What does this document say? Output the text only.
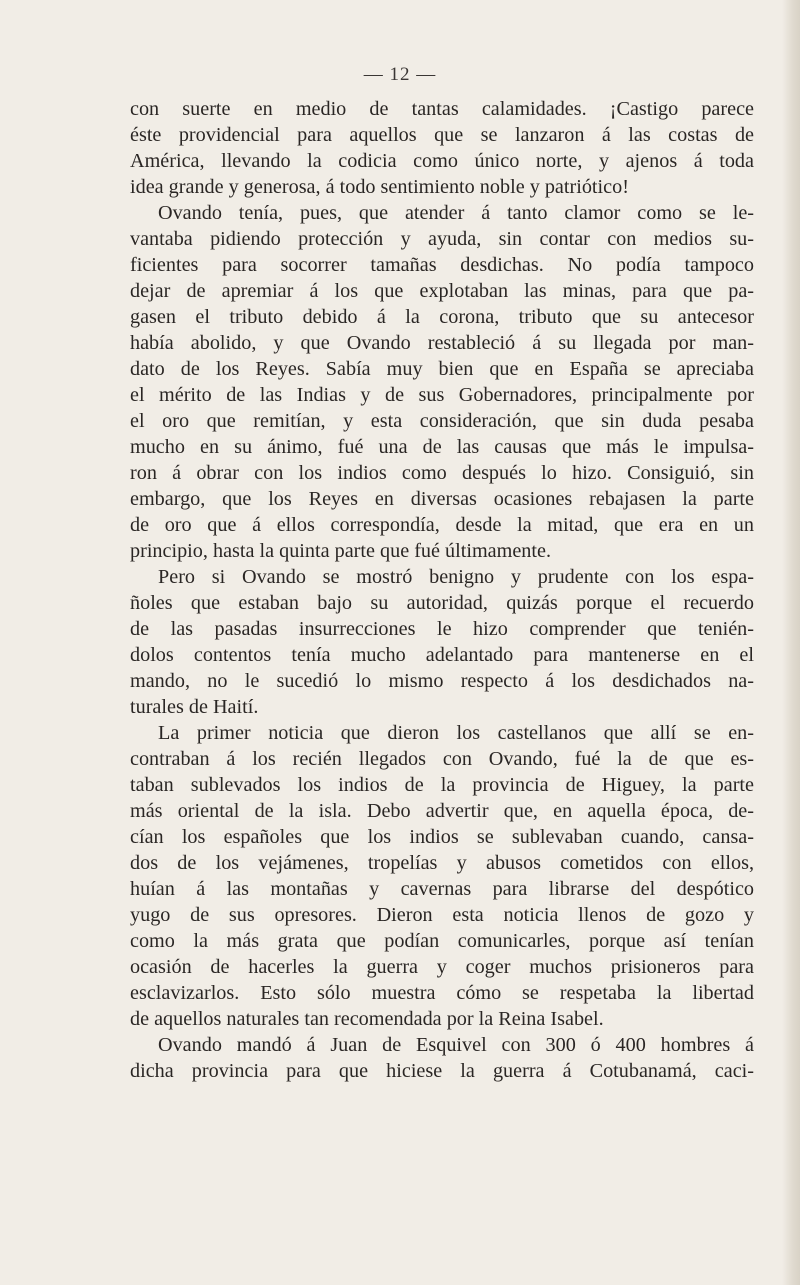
— 12 —
con suerte en medio de tantas calamidades. ¡Castigo parece
éste providencial para aquellos que se lanzaron á las costas de
América, llevando la codicia como único norte, y ajenos á toda
idea grande y generosa, á todo sentimiento noble y patriótico!
Ovando tenía, pues, que atender á tanto clamor como se le-
vantaba pidiendo protección y ayuda, sin contar con medios su-
ficientes para socorrer tamañas desdichas. No podía tampoco
dejar de apremiar á los que explotaban las minas, para que pa-
gasen el tributo debido á la corona, tributo que su antecesor
había abolido, y que Ovando restableció á su llegada por man-
dato de los Reyes. Sabía muy bien que en España se apreciaba
el mérito de las Indias y de sus Gobernadores, principalmente por
el oro que remitían, y esta consideración, que sin duda pesaba
mucho en su ánimo, fué una de las causas que más le impulsa-
ron á obrar con los indios como después lo hizo. Consiguió, sin
embargo, que los Reyes en diversas ocasiones rebajasen la parte
de oro que á ellos correspondía, desde la mitad, que era en un
principio, hasta la quinta parte que fué últimamente.
Pero si Ovando se mostró benigno y prudente con los espa-
ñoles que estaban bajo su autoridad, quizás porque el recuerdo
de las pasadas insurrecciones le hizo comprender que tenién-
dolos contentos tenía mucho adelantado para mantenerse en el
mando, no le sucedió lo mismo respecto á los desdichados na-
turales de Haití.
La primer noticia que dieron los castellanos que allí se en-
contraban á los recién llegados con Ovando, fué la de que es-
taban sublevados los indios de la provincia de Higuey, la parte
más oriental de la isla. Debo advertir que, en aquella época, de-
cían los españoles que los indios se sublevaban cuando, cansa-
dos de los vejámenes, tropelías y abusos cometidos con ellos,
huían á las montañas y cavernas para librarse del despótico
yugo de sus opresores. Dieron esta noticia llenos de gozo y
como la más grata que podían comunicarles, porque así tenían
ocasión de hacerles la guerra y coger muchos prisioneros para
esclavizarlos. Esto sólo muestra cómo se respetaba la libertad
de aquellos naturales tan recomendada por la Reina Isabel.
Ovando mandó á Juan de Esquivel con 300 ó 400 hombres á
dicha provincia para que hiciese la guerra á Cotubanamá, caci-
